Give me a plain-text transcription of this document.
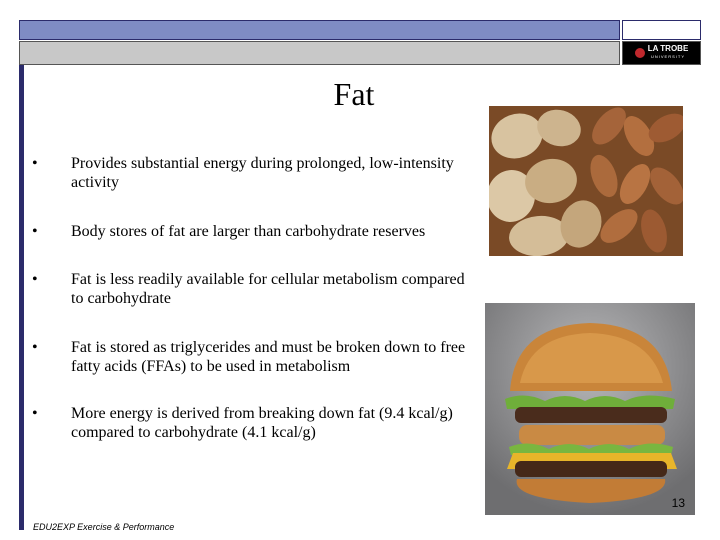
LA TROBE
UNIVERSITY
Fat
• Provides substantial energy during prolonged, low-intensity activity
• Body stores of fat are larger than carbohydrate reserves
• Fat is less readily available for cellular metabolism compared to carbohydrate
• Fat is stored as triglycerides and must be broken down to free fatty acids (FFAs) to be used in metabolism
• More energy is derived from breaking down fat (9.4 kcal/g) compared to carbohydrate (4.1 kcal/g)
13
EDU2EXP Exercise & Performance
